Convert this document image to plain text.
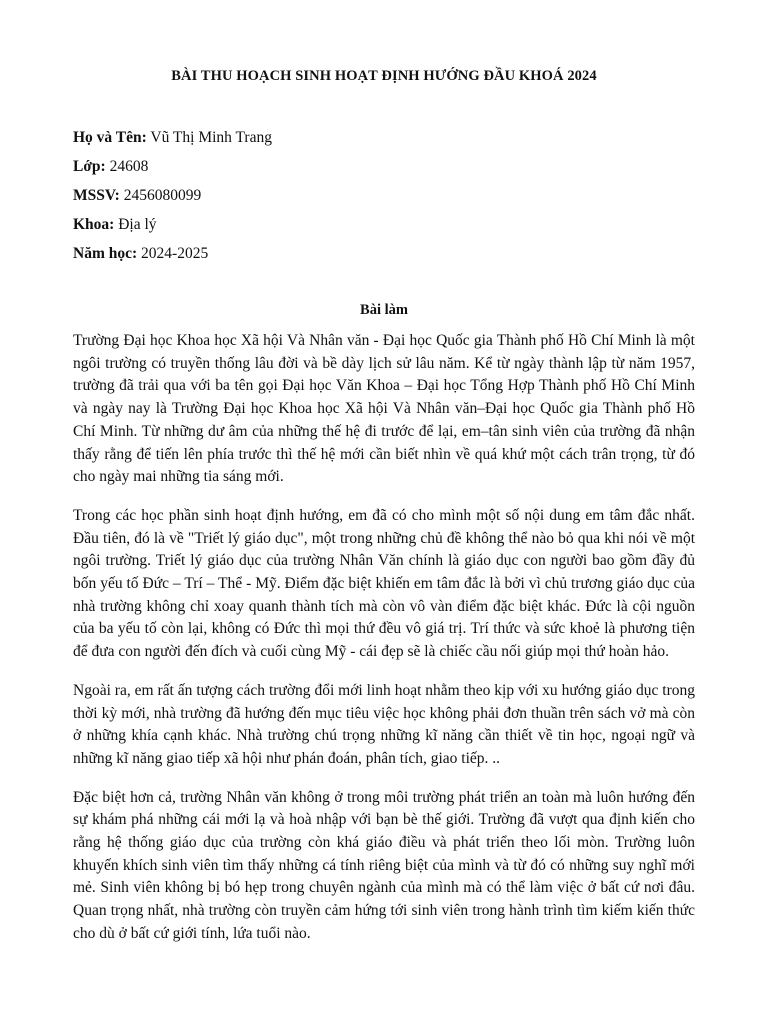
BÀI THU HOẠCH SINH HOẠT ĐỊNH HƯỚNG ĐẦU KHOÁ 2024
Họ và Tên: Vũ Thị Minh Trang
Lớp: 24608
MSSV: 2456080099
Khoa: Địa lý
Năm học: 2024-2025
Bài làm

Trường Đại học Khoa học Xã hội Và Nhân văn - Đại học Quốc gia Thành phố Hồ Chí Minh là một ngôi trường có truyền thống lâu đời và bề dày lịch sử lâu năm. Kể từ ngày thành lập từ năm 1957, trường đã trải qua với ba tên gọi Đại học Văn Khoa – Đại học Tổng Hợp Thành phố Hồ Chí Minh và ngày nay là Trường Đại học Khoa học Xã hội Và Nhân văn–Đại học Quốc gia Thành phố Hồ Chí Minh. Từ những dư âm của những thế hệ đi trước để lại, em–tân sinh viên của trường đã nhận thấy rằng để tiến lên phía trước thì thế hệ mới cần biết nhìn về quá khứ một cách trân trọng, từ đó cho ngày mai những tia sáng mới.

Trong các học phần sinh hoạt định hướng, em đã có cho mình một số nội dung em tâm đắc nhất. Đầu tiên, đó là về "Triết lý giáo dục", một trong những chủ đề không thể nào bỏ qua khi nói về một ngôi trường. Triết lý giáo dục của trường Nhân Văn chính là giáo dục con người bao gồm đầy đủ bốn yếu tố Đức – Trí – Thể - Mỹ. Điểm đặc biệt khiến em tâm đắc là bởi vì chủ trương giáo dục của nhà trường không chỉ xoay quanh thành tích mà còn vô vàn điểm đặc biệt khác. Đức là cội nguồn của ba yếu tố còn lại, không có Đức thì mọi thứ đều vô giá trị. Trí thức và sức khoẻ là phương tiện để đưa con người đến đích và cuối cùng Mỹ - cái đẹp sẽ là chiếc cầu nối giúp mọi thứ hoàn hảo.

Ngoài ra, em rất ấn tượng cách trường đổi mới linh hoạt nhằm theo kịp với xu hướng giáo dục trong thời kỳ mới, nhà trường đã hướng đến mục tiêu việc học không phải đơn thuần trên sách vở mà còn ở những khía cạnh khác. Nhà trường chú trọng những kĩ năng cần thiết về tin học, ngoại ngữ và những kĩ năng giao tiếp xã hội như phán đoán, phân tích, giao tiếp. ..

Đặc biệt hơn cả, trường Nhân văn không ở trong môi trường phát triển an toàn mà luôn hướng đến sự khám phá những cái mới lạ và hoà nhập với bạn bè thế giới. Trường đã vượt qua định kiến cho rằng hệ thống giáo dục của trường còn khá giáo điều và phát triển theo lối mòn. Trường luôn khuyến khích sinh viên tìm thấy những cá tính riêng biệt của mình và từ đó có những suy nghĩ mới mẻ. Sinh viên không bị bó hẹp trong chuyên ngành của mình mà có thể làm việc ở bất cứ nơi đâu. Quan trọng nhất, nhà trường còn truyền cảm hứng tới sinh viên trong hành trình tìm kiếm kiến thức cho dù ở bất cứ giới tính, lứa tuổi nào.
